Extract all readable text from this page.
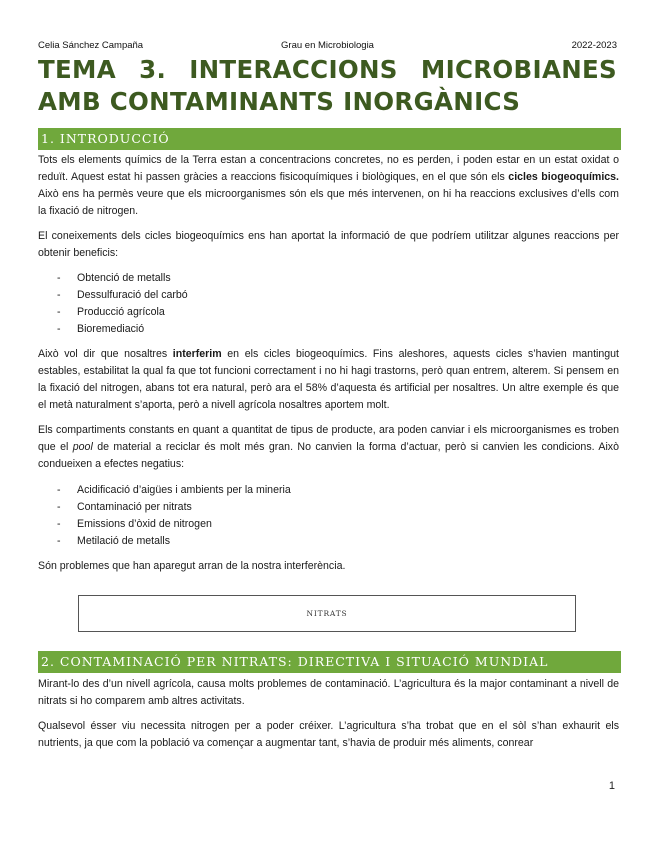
Celia Sánchez Campaña	Grau en Microbiologia	2022-2023
TEMA 3. INTERACCIONS MICROBIANES AMB CONTAMINANTS INORGÀNICS
1. INTRODUCCIÓ

Tots els elements químics de la Terra estan a concentracions concretes, no es perden, i poden estar en un estat oxidat o reduït. Aquest estat hi passen gràcies a reaccions fisicoquímiques i biològiques, en el que són els cicles biogeoquímics. Això ens ha permès veure que els microorganismes són els que més intervenen, on hi ha reaccions exclusives d’ells com la fixació de nitrogen.

El coneixements dels cicles biogeoquímics ens han aportat la informació de que podríem utilitzar algunes reaccions per obtenir beneficis:

- Obtenció de metalls
- Dessulfuració del carbó
- Producció agrícola
- Bioremediació

Això vol dir que nosaltres interferim en els cicles biogeoquímics. Fins aleshores, aquests cicles s’havien mantingut estables, estabilitat la qual fa que tot funcioni correctament i no hi hagi trastorns, però quan entrem, alterem. Si pensem en la fixació del nitrogen, abans tot era natural, però ara el 58% d’aquesta és artificial per nosaltres. Un altre exemple és que el metà naturalment s’aporta, però a nivell agrícola nosaltres aportem molt.

Els compartiments constants en quant a quantitat de tipus de producte, ara poden canviar i els microorganismes es troben que el pool de material a reciclar és molt més gran. No canvien la forma d’actuar, però si canvien les condicions. Això condueixen a efectes negatius:

- Acidificació d’aigües i ambients per la mineria
- Contaminació per nitrats
- Emissions d’òxid de nitrogen
- Metilació de metalls

Són problemes que han aparegut arran de la nostra interferència.

NITRATS
2. CONTAMINACIÓ PER NITRATS: DIRECTIVA I SITUACIÓ MUNDIAL

Mirant-lo des d’un nivell agrícola, causa molts problemes de contaminació. L’agricultura és la major contaminant a nivell de nitrats si ho comparem amb altres activitats.

Qualsevol ésser viu necessita nitrogen per a poder créixer. L’agricultura s’ha trobat que en el sòl s’han exhaurit els nutrients, ja que com la població va començar a augmentar tant, s’havia de produir més aliments, conrear

1
